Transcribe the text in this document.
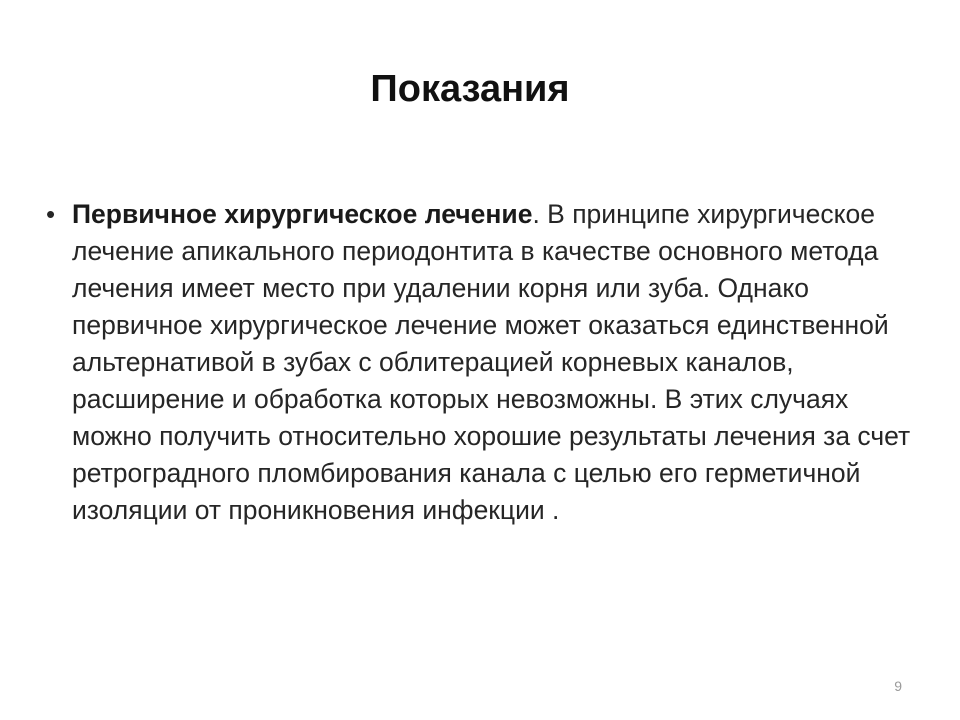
Показания
• Первичное хирургическое лечение. В принципе хирургическое лечение апикального периодонтита в качестве основного метода лечения имеет место при удалении корня или зуба. Однако первичное хирургическое лечение может оказаться единственной альтернативой в зубах с облитерацией корневых каналов, расширение и обработка которых невозможны. В этих случаях можно получить относительно хорошие результаты лечения за счет ретроградного пломбирования канала с целью его герметичной изоляции от проникновения инфекции .
9
